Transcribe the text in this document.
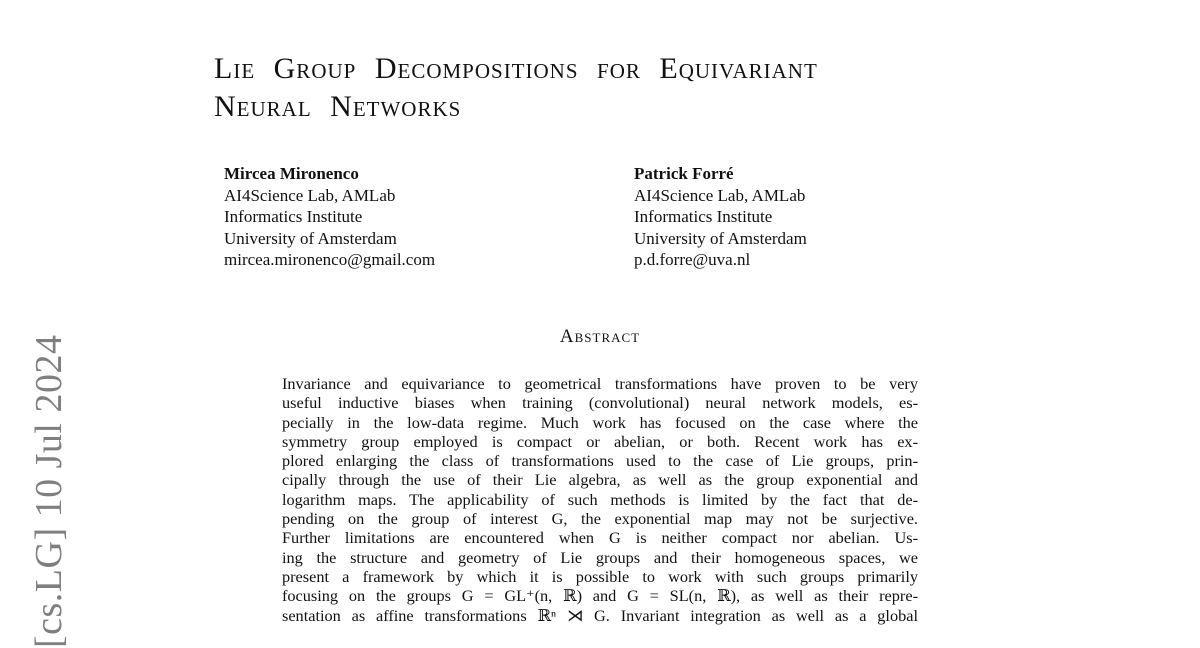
[cs.LG] 10 Jul 2024
Lie Group Decompositions for Equivariant
Neural Networks
Mircea Mironenco
AI4Science Lab, AMLab
Informatics Institute
University of Amsterdam
mircea.mironenco@gmail.com
Patrick Forré
AI4Science Lab, AMLab
Informatics Institute
University of Amsterdam
p.d.forre@uva.nl
Abstract
Invariance and equivariance to geometrical transformations have proven to be very
useful inductive biases when training (convolutional) neural network models, es-
pecially in the low-data regime. Much work has focused on the case where the
symmetry group employed is compact or abelian, or both. Recent work has ex-
plored enlarging the class of transformations used to the case of Lie groups, prin-
cipally through the use of their Lie algebra, as well as the group exponential and
logarithm maps. The applicability of such methods is limited by the fact that de-
pending on the group of interest G, the exponential map may not be surjective.
Further limitations are encountered when G is neither compact nor abelian. Us-
ing the structure and geometry of Lie groups and their homogeneous spaces, we
present a framework by which it is possible to work with such groups primarily
focusing on the groups G = GL⁺(n, ℝ) and G = SL(n, ℝ), as well as their repre-
sentation as affine transformations ℝⁿ ⋊ G. Invariant integration as well as a global
